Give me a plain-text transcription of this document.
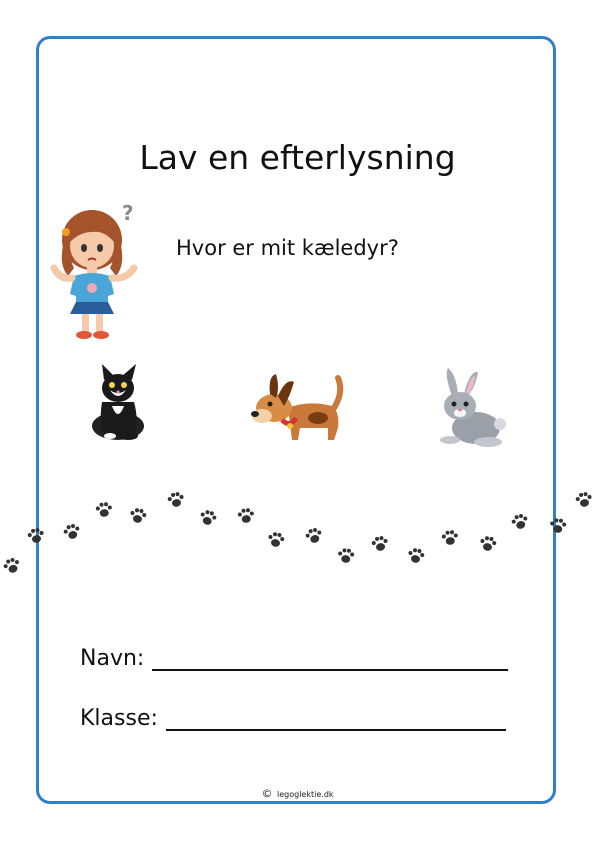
Lav en efterlysning
?
Hvor er mit kæledyr?
Navn:
Klasse:
© legoglektie.dk
